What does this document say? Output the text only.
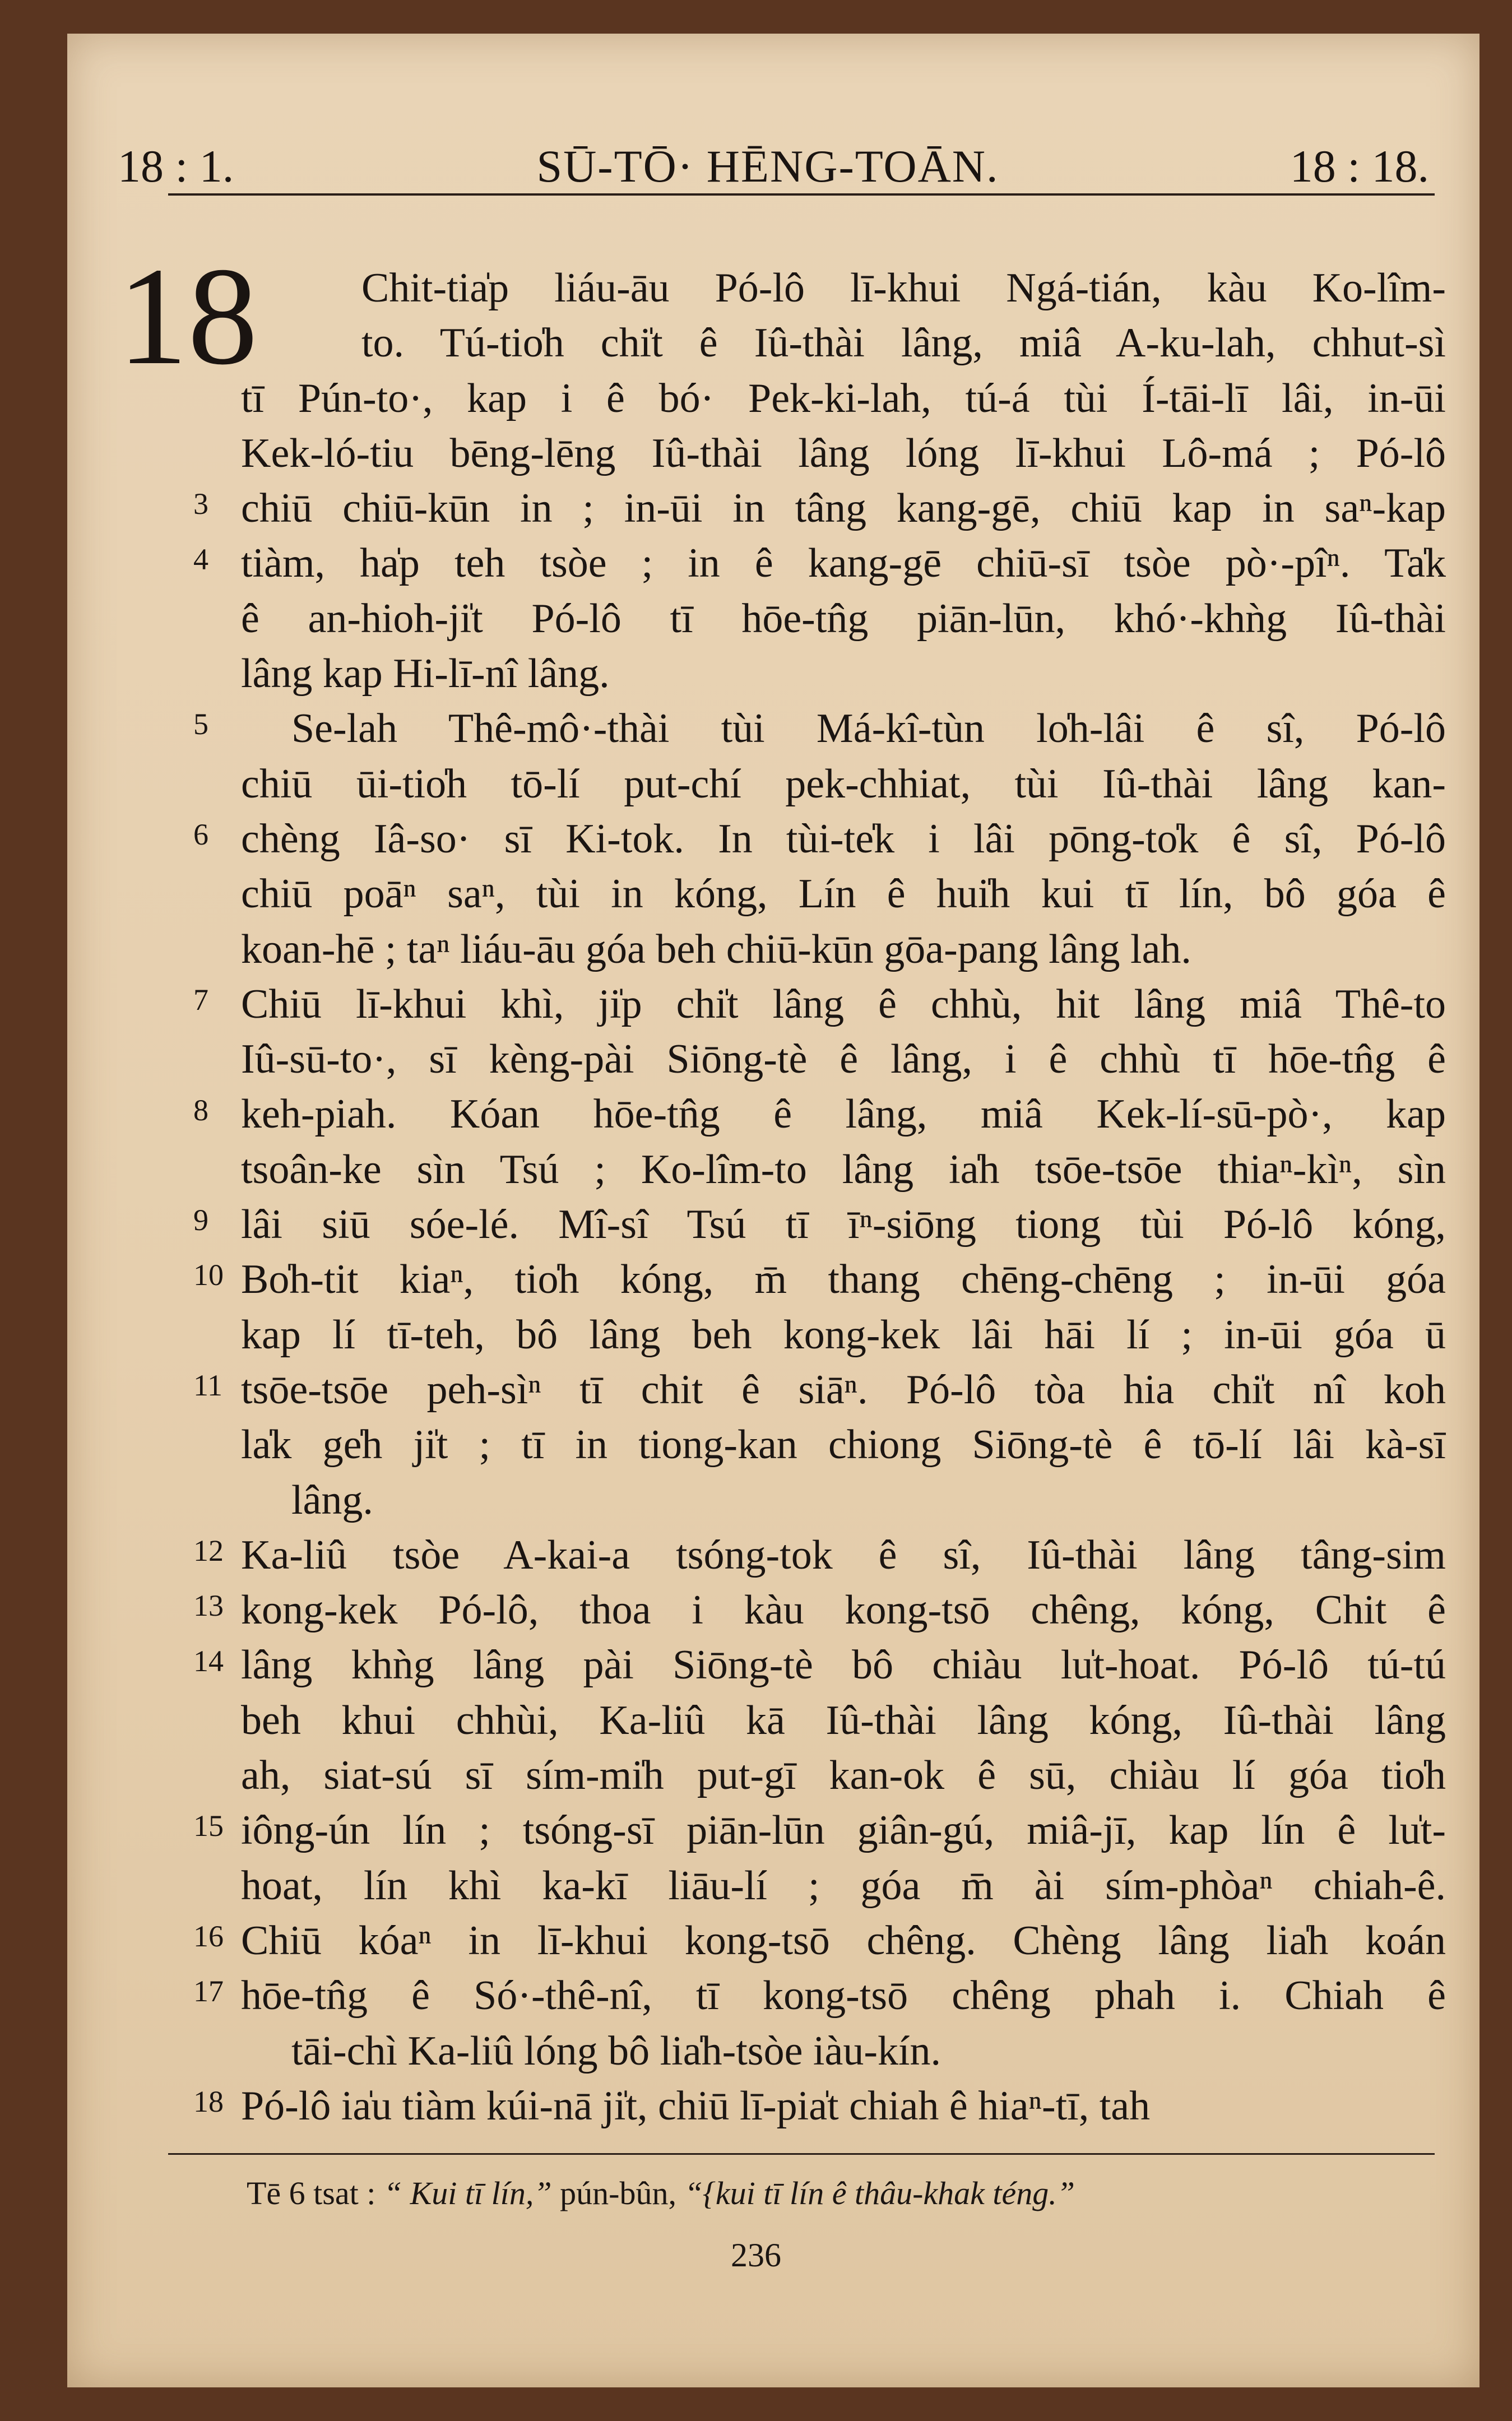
18 : 1.	SŪ-TŌ· HĒNG-TOĀN.	18 : 18.
18
3
4
5
6
7
8
9
10
11
12
13
14
15
16
17
18
Chit-tia̍p liáu-āu Pó-lô lī-khui Ngá-tián, kàu Ko-lîm-
to. Tú-tio̍h chi̍t ê Iû-thài lâng, miâ A-ku-lah, chhut-sì
tī Pún-to·, kap i ê bó· Pek-ki-lah, tú-á tùi Í-tāi-lī lâi, in-ūi
Kek-ló-tiu bēng-lēng Iû-thài lâng lóng lī-khui Lô-má ; Pó-lô
chiū chiū-kūn in ; in-ūi in tâng kang-gē, chiū kap in saⁿ-kap
tiàm, ha̍p teh tsòe ; in ê kang-gē chiū-sī tsòe pò·-pîⁿ. Ta̍k
ê an-hioh-ji̍t Pó-lô tī hōe-tn̂g piān-lūn, khó·-khǹg Iû-thài
lâng kap Hi-lī-nî lâng.
Se-lah Thê-mô·-thài tùi Má-kî-tùn lo̍h-lâi ê sî, Pó-lô
chiū ūi-tio̍h tō-lí put-chí pek-chhiat, tùi Iû-thài lâng kan-
chèng Iâ-so· sī Ki-tok. In tùi-te̍k i lâi pōng-to̍k ê sî, Pó-lô
chiū poāⁿ saⁿ, tùi in kóng, Lín ê hui̍h kui tī lín, bô góa ê
koan-hē ; taⁿ liáu-āu góa beh chiū-kūn gōa-pang lâng lah.
Chiū lī-khui khì, ji̍p chi̍t lâng ê chhù, hit lâng miâ Thê-to
Iû-sū-to·, sī kèng-pài Siōng-tè ê lâng, i ê chhù tī hōe-tn̂g ê
keh-piah. Kóan hōe-tn̂g ê lâng, miâ Kek-lí-sū-pò·, kap
tsoân-ke sìn Tsú ; Ko-lîm-to lâng ia̍h tsōe-tsōe thiaⁿ-kìⁿ, sìn
lâi siū sóe-lé. Mî-sî Tsú tī īⁿ-siōng tiong tùi Pó-lô kóng,
Bo̍h-tit kiaⁿ, tio̍h kóng, m̄ thang chēng-chēng ; in-ūi góa
kap lí tī-teh, bô lâng beh kong-kek lâi hāi lí ; in-ūi góa ū
tsōe-tsōe peh-sìⁿ tī chit ê siāⁿ. Pó-lô tòa hia chi̍t nî koh
la̍k ge̍h ji̍t ; tī in tiong-kan chiong Siōng-tè ê tō-lí lâi kà-sī
lâng.
Ka-liû tsòe A-kai-a tsóng-tok ê sî, Iû-thài lâng tâng-sim
kong-kek Pó-lô, thoa i kàu kong-tsō chêng, kóng, Chit ê
lâng khǹg lâng pài Siōng-tè bô chiàu lu̍t-hoat. Pó-lô tú-tú
beh khui chhùi, Ka-liû kā Iû-thài lâng kóng, Iû-thài lâng
ah, siat-sú sī sím-mi̍h put-gī kan-ok ê sū, chiàu lí góa tio̍h
iông-ún lín ; tsóng-sī piān-lūn giân-gú, miâ-jī, kap lín ê lu̍t-
hoat, lín khì ka-kī liāu-lí ; góa m̄ ài sím-phòaⁿ chiah-ê.
Chiū kóaⁿ in lī-khui kong-tsō chêng. Chèng lâng lia̍h koán
hōe-tn̂g ê Só·-thê-nî, tī kong-tsō chêng phah i. Chiah ê
tāi-chì Ka-liû lóng bô lia̍h-tsòe iàu-kín.
Pó-lô ia̍u tiàm kúi-nā ji̍t, chiū lī-pia̍t chiah ê hiaⁿ-tī, tah
Tē 6 tsat : “ Kui tī lín,” pún-bûn, “{kui tī lín ê thâu-khak téng.”
236
